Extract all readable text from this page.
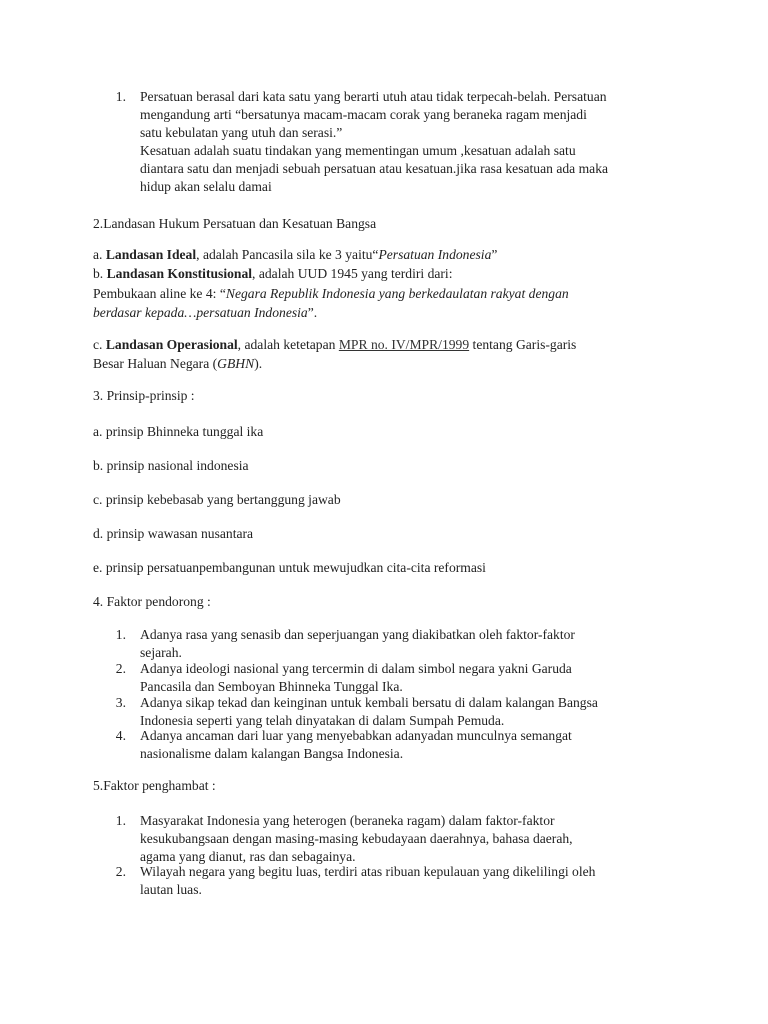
1. Persatuan berasal dari kata satu yang berarti utuh atau tidak terpecah-belah. Persatuan
mengandung arti “bersatunya macam-macam corak yang beraneka ragam menjadi
satu kebulatan yang utuh dan serasi.”
Kesatuan adalah suatu tindakan yang mementingan umum ,kesatuan adalah satu
diantara satu dan menjadi sebuah persatuan atau kesatuan.jika rasa kesatuan ada maka
hidup akan selalu damai
2.Landasan Hukum Persatuan dan Kesatuan Bangsa
a. Landasan Ideal, adalah Pancasila sila ke 3 yaitu“Persatuan Indonesia”
b. Landasan Konstitusional, adalah UUD 1945 yang terdiri dari:
Pembukaan aline ke 4: “Negara Republik Indonesia yang berkedaulatan rakyat dengan
berdasar kepada…persatuan Indonesia”.
c. Landasan Operasional, adalah ketetapan MPR no. IV/MPR/1999 tentang Garis-garis
Besar Haluan Negara (GBHN).
3. Prinsip-prinsip :
a. prinsip Bhinneka tunggal ika
b. prinsip nasional indonesia
c. prinsip kebebasab yang bertanggung jawab
d. prinsip wawasan nusantara
e. prinsip persatuanpembangunan untuk mewujudkan cita-cita reformasi
4. Faktor pendorong :
1. Adanya rasa yang senasib dan seperjuangan yang diakibatkan oleh faktor-faktor
sejarah.
2. Adanya ideologi nasional yang tercermin di dalam simbol negara yakni Garuda
Pancasila dan Semboyan Bhinneka Tunggal Ika.
3. Adanya sikap tekad dan keinginan untuk kembali bersatu di dalam kalangan Bangsa
Indonesia seperti yang telah dinyatakan di dalam Sumpah Pemuda.
4. Adanya ancaman dari luar yang menyebabkan adanyadan munculnya semangat
nasionalisme dalam kalangan Bangsa Indonesia.
5.Faktor penghambat :
1. Masyarakat Indonesia yang heterogen (beraneka ragam) dalam faktor-faktor
kesukubangsaan dengan masing-masing kebudayaan daerahnya, bahasa daerah,
agama yang dianut, ras dan sebagainya.
2. Wilayah negara yang begitu luas, terdiri atas ribuan kepulauan yang dikelilingi oleh
lautan luas.
